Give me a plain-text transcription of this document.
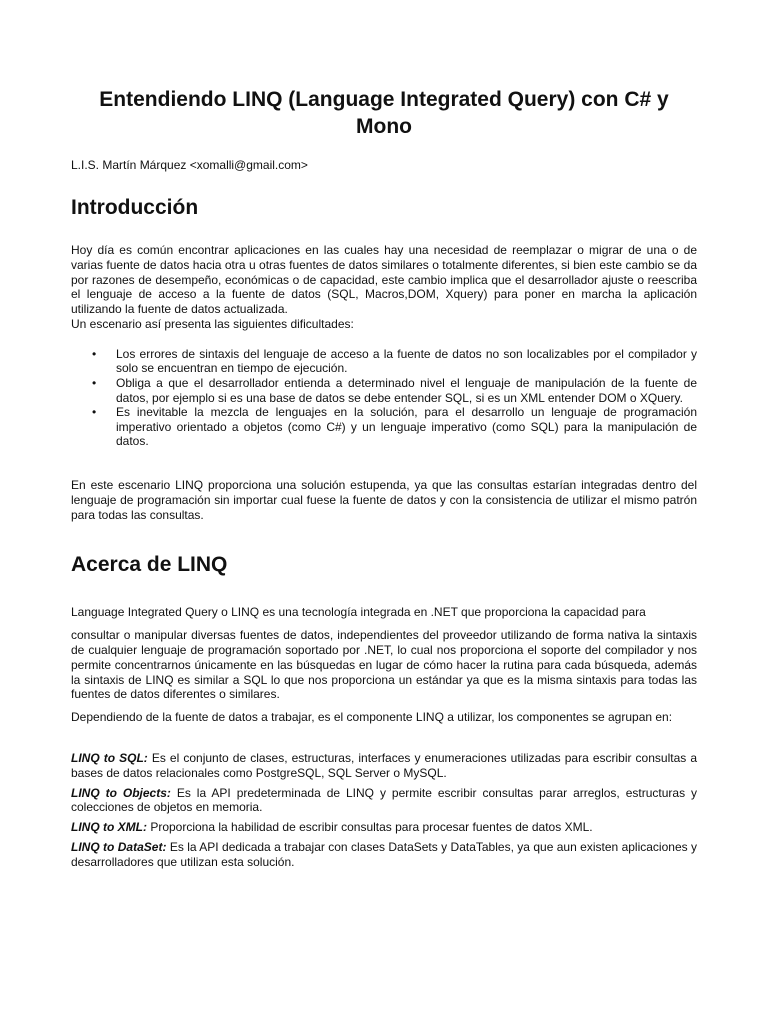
Entendiendo LINQ (Language Integrated Query) con C# y Mono
L.I.S. Martín Márquez <xomalli@gmail.com>
Introducción

Hoy día es común encontrar aplicaciones en las cuales hay una necesidad de reemplazar o migrar de una o de varias fuente de datos hacia otra u otras fuentes de datos similares o totalmente diferentes, si bien este cambio se da por razones de desempeño, económicas o de capacidad, este cambio implica que el desarrollador ajuste o reescriba el lenguaje de acceso a la fuente de datos (SQL, Macros,DOM, Xquery) para poner en marcha la aplicación utilizando la fuente de datos actualizada.

Un escenario así presenta las siguientes dificultades:

• Los errores de sintaxis del lenguaje de acceso a la fuente de datos no son localizables por el compilador y solo se encuentran en tiempo de ejecución.
• Obliga a que el desarrollador entienda a determinado nivel el lenguaje de manipulación de la fuente de datos, por ejemplo si es una base de datos se debe entender SQL, si es un XML entender DOM o XQuery.
• Es inevitable la mezcla de lenguajes en la solución, para el desarrollo un lenguaje de programación imperativo orientado a objetos (como C#) y un lenguaje imperativo (como SQL) para la manipulación de datos.

En este escenario LINQ proporciona una solución estupenda, ya que las consultas estarían integradas dentro del lenguaje de programación sin importar cual fuese la fuente de datos y con la consistencia de utilizar el mismo patrón para todas las consultas.

Acerca de LINQ

Language Integrated Query o LINQ es una tecnología integrada en .NET que proporciona la capacidad para

consultar o manipular diversas fuentes de datos, independientes del proveedor utilizando de forma nativa la sintaxis de cualquier lenguaje de programación soportado por .NET, lo cual nos proporciona el soporte del compilador y nos permite concentrarnos únicamente en las búsquedas en lugar de cómo hacer la rutina para cada búsqueda, además la sintaxis de LINQ es similar a SQL lo que nos proporciona un estándar ya que es la misma sintaxis para todas las fuentes de datos diferentes o similares.

Dependiendo de la fuente de datos a trabajar, es el componente LINQ a utilizar, los componentes se agrupan en:

LINQ to SQL: Es el conjunto de clases, estructuras, interfaces y enumeraciones utilizadas para escribir consultas a bases de datos relacionales como PostgreSQL, SQL Server o MySQL.

LINQ to Objects: Es la API predeterminada de LINQ y permite escribir consultas parar arreglos, estructuras y colecciones de objetos en memoria.

LINQ to XML: Proporciona la habilidad de escribir consultas para procesar fuentes de datos XML.

LINQ to DataSet: Es la API dedicada a trabajar con clases DataSets y DataTables, ya que aun existen aplicaciones y desarrolladores que utilizan esta solución.
